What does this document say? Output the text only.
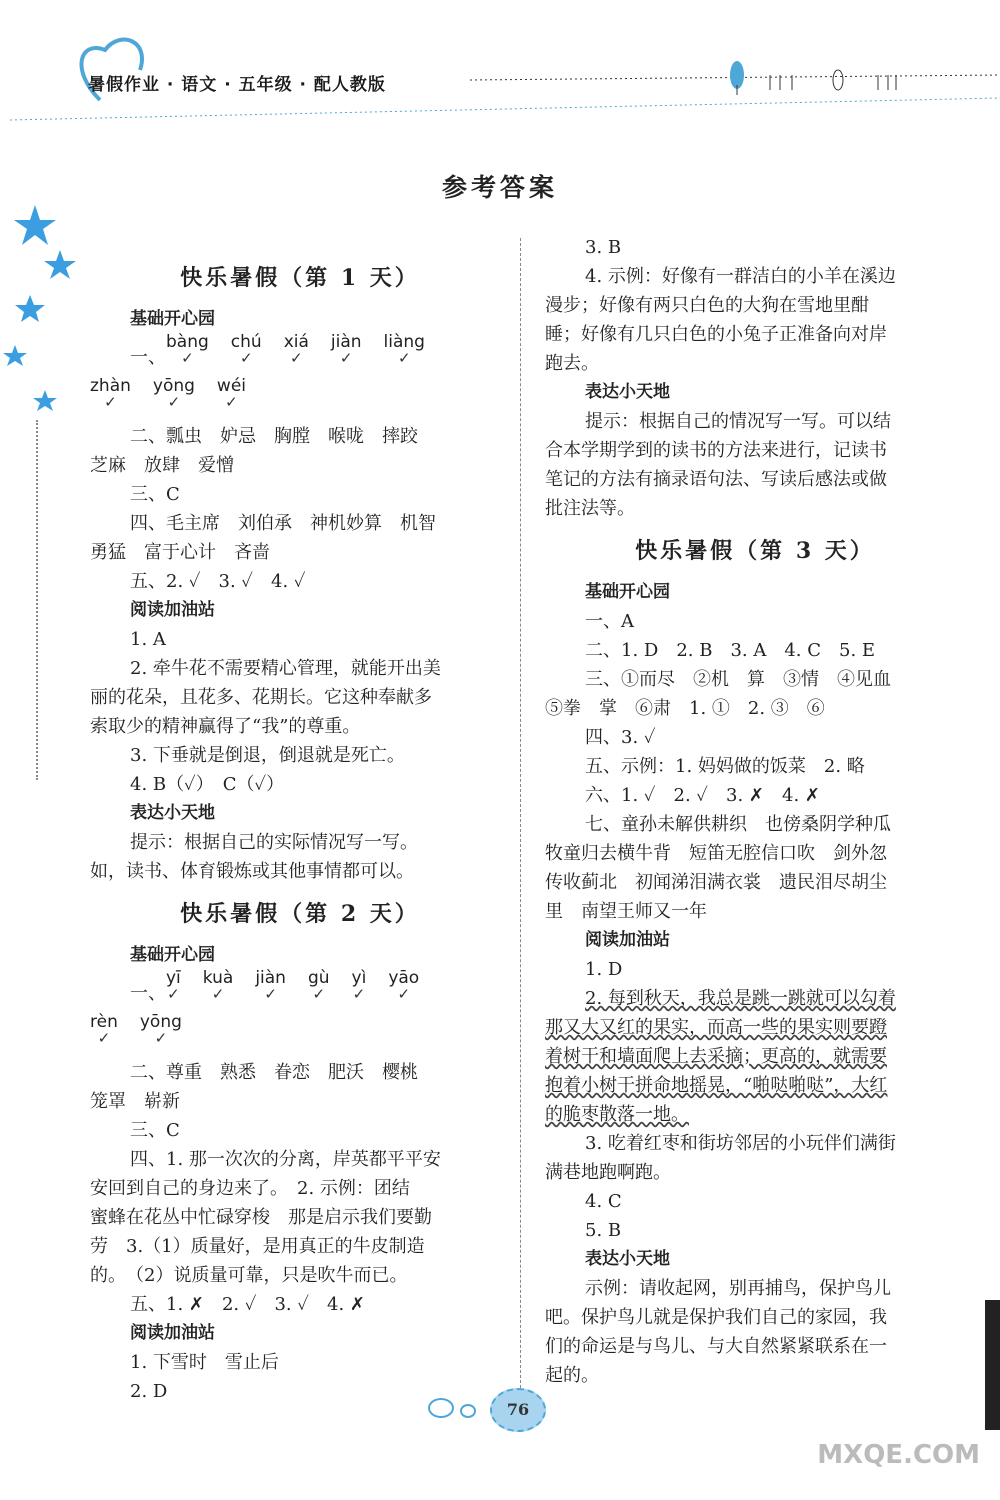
暑假作业 · 语文 · 五年级 · 配人教版
参考答案

快乐暑假（第 1 天）

基础开心园

一、bàng
✓
chú
✓
xiá
✓
jiàn
✓
liàng
✓

zhàn
✓
yōng
✓
wéi
✓

二、瓢虫　妒忌　胸膛　喉咙　摔跤

芝麻　放肆　爱憎

三、C

四、毛主席　刘伯承　神机妙算　机智

勇猛　富于心计　吝啬

五、2. ✓　3. ✓　4. ✓

阅读加油站

1. A

2. 牵牛花不需要精心管理，就能开出美

丽的花朵，且花多、花期长。它这种奉献多

索取少的精神赢得了“我”的尊重。

3. 下垂就是倒退，倒退就是死亡。

4. B（✓）　C（✓）

表达小天地

提示：根据自己的实际情况写一写。

如，读书、体育锻炼或其他事情都可以。

快乐暑假（第 2 天）

基础开心园

一、yī
✓
kuà
✓
jiàn
✓
gù
✓
yì
✓
yāo
✓

rèn
✓
yōng
✓

二、尊重　熟悉　眷恋　肥沃　樱桃

笼罩　崭新

三、C

四、1. 那一次次的分离，岸英都平平安

安回到自己的身边来了。　2. 示例：团结

蜜蜂在花丛中忙碌穿梭　那是启示我们要勤

劳　3.（1）质量好，是用真正的牛皮制造

的。　（2）说质量可靠，只是吹牛而已。

五、1. ✗　2. ✓　3. ✓　4. ✗

阅读加油站

1. 下雪时　雪止后

2. D

3. B

4. 示例：好像有一群洁白的小羊在溪边

漫步；好像有两只白色的大狗在雪地里酣

睡；好像有几只白色的小兔子正准备向对岸

跑去。

表达小天地

提示：根据自己的情况写一写。可以结

合本学期学到的读书的方法来进行，记读书

笔记的方法有摘录语句法、写读后感法或做

批注法等。

快乐暑假（第 3 天）

基础开心园

一、A

二、1. D　2. B　3. A　4. C　5. E

三、①而尽　②机　算　③情　④见血

⑤拳　掌　⑥肃　1. ①　2. ③　⑥

四、3. ✓

五、示例：1. 妈妈做的饭菜　2. 略

六、1. ✓　2. ✓　3. ✗　4. ✗

七、童孙未解供耕织　也傍桑阴学种瓜

牧童归去横牛背　短笛无腔信口吹　剑外忽

传收蓟北　初闻涕泪满衣裳　遗民泪尽胡尘

里　南望王师又一年

阅读加油站

1. D

2. 每到秋天，我总是跳一跳就可以勾着

那又大又红的果实，而高一些的果实则要蹬

着树干和墙面爬上去采摘；更高的，就需要

抱着小树干拼命地摇晃，“啪哒啪哒”，大红

的脆枣散落一地。

3. 吃着红枣和街坊邻居的小玩伴们满街

满巷地跑啊跑。

4. C

5. B

表达小天地

示例：请收起网，别再捕鸟，保护鸟儿

吧。保护鸟儿就是保护我们自己的家园，我

们的命运是与鸟儿、与大自然紧紧联系在一

起的。

76
MXQE.COM
